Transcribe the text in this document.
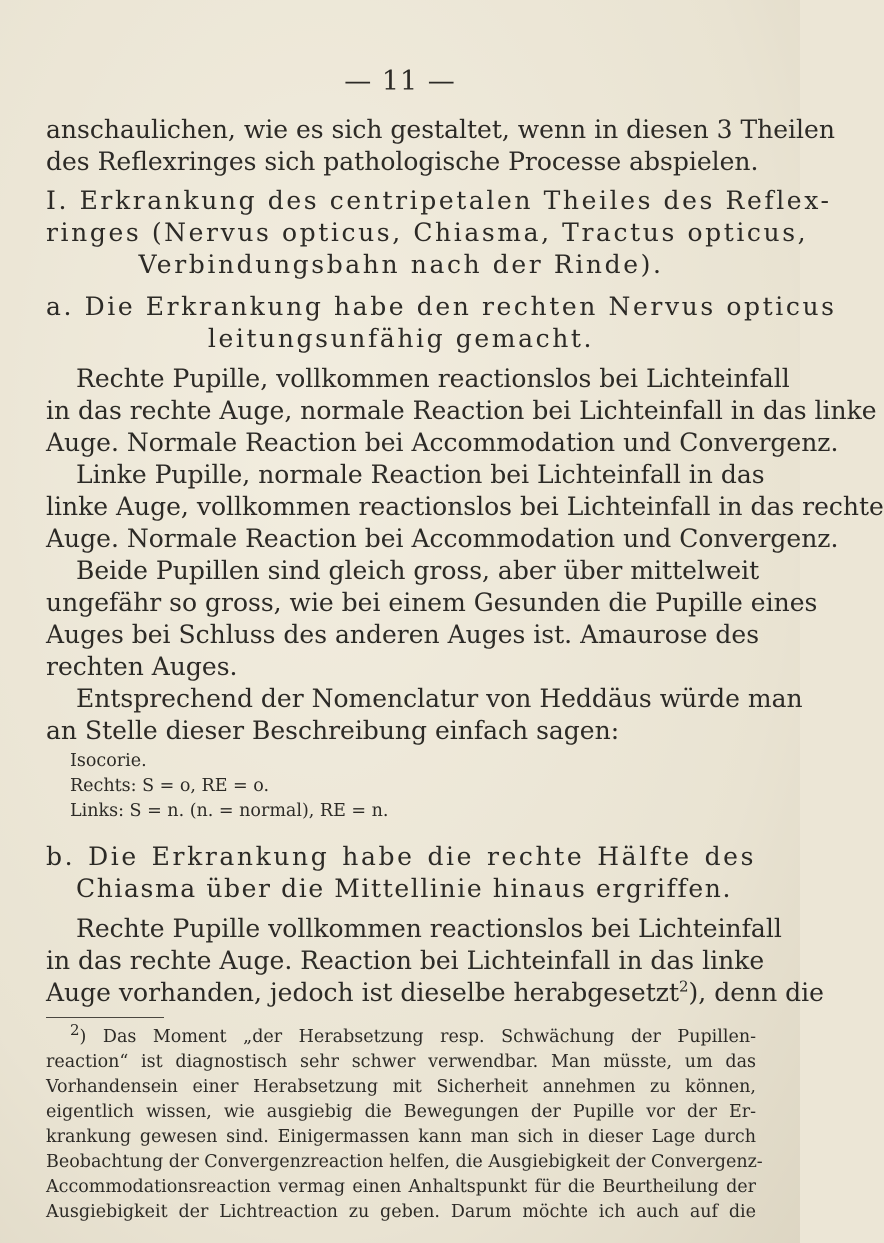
— 11 —
anschaulichen, wie es sich gestaltet, wenn in diesen 3 Theilen
des Reflexringes sich pathologische Processe abspielen.
I. Erkrankung des centripetalen Theiles des Reflex-
ringes (Nervus opticus, Chiasma, Tractus opticus,
Verbindungsbahn nach der Rinde).
a. Die Erkrankung habe den rechten Nervus opticus
leitungsunfähig gemacht.
Rechte Pupille, vollkommen reactionslos bei Lichteinfall
in das rechte Auge, normale Reaction bei Lichteinfall in das linke
Auge. Normale Reaction bei Accommodation und Convergenz.
Linke Pupille, normale Reaction bei Lichteinfall in das
linke Auge, vollkommen reactionslos bei Lichteinfall in das rechte
Auge. Normale Reaction bei Accommodation und Convergenz.
Beide Pupillen sind gleich gross, aber über mittelweit
ungefähr so gross, wie bei einem Gesunden die Pupille eines
Auges bei Schluss des anderen Auges ist. Amaurose des
rechten Auges.
Entsprechend der Nomenclatur von Heddäus würde man
an Stelle dieser Beschreibung einfach sagen:
Isocorie.
Rechts: S = o, RE = o.
Links: S = n. (n. = normal), RE = n.
b. Die Erkrankung habe die rechte Hälfte des
Chiasma über die Mittellinie hinaus ergriffen.
Rechte Pupille vollkommen reactionslos bei Lichteinfall
in das rechte Auge. Reaction bei Lichteinfall in das linke
Auge vorhanden, jedoch ist dieselbe herabgesetzt$^2$), denn die
$^2$) Das Moment „der Herabsetzung resp. Schwächung der Pupillen-
reaction“ ist diagnostisch sehr schwer verwendbar. Man müsste, um das
Vorhandensein einer Herabsetzung mit Sicherheit annehmen zu können,
eigentlich wissen, wie ausgiebig die Bewegungen der Pupille vor der Er-
krankung gewesen sind. Einigermassen kann man sich in dieser Lage durch
Beobachtung der Convergenzreaction helfen, die Ausgiebigkeit der Convergenz-
Accommodationsreaction vermag einen Anhaltspunkt für die Beurtheilung der
Ausgiebigkeit der Lichtreaction zu geben. Darum möchte ich auch auf die
